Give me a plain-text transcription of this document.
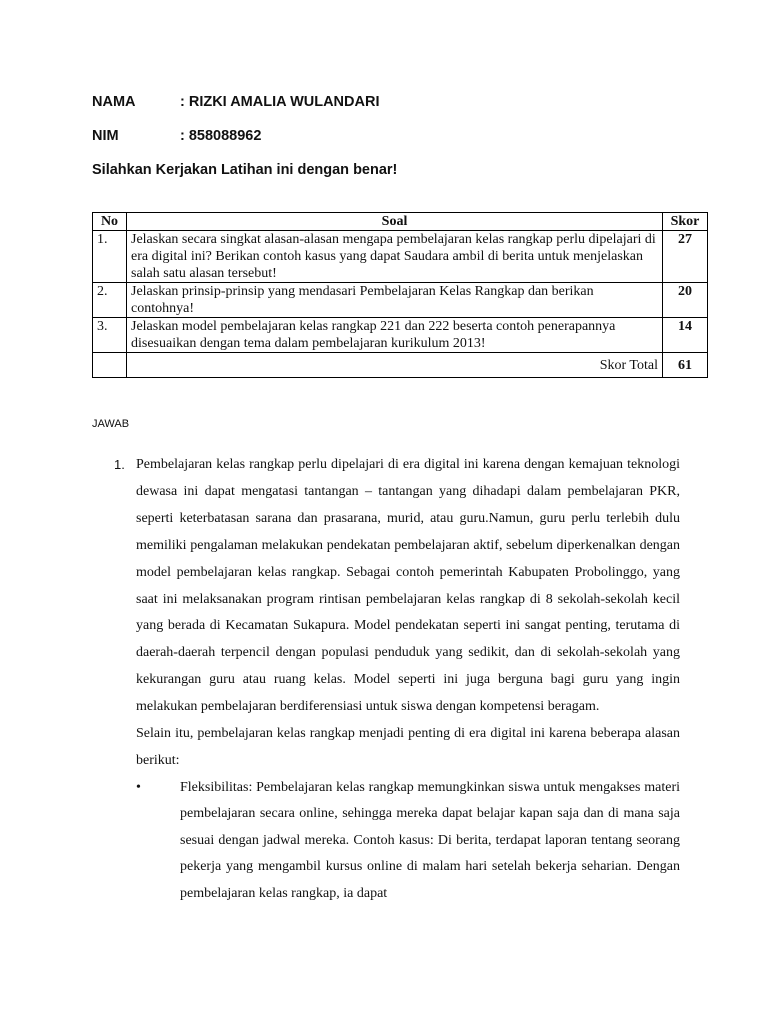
NAMA	: RIZKI AMALIA WULANDARI
NIM	: 858088962
Silahkan Kerjakan Latihan ini dengan benar!
No	Soal	Skor
1.	Jelaskan secara singkat alasan-alasan mengapa pembelajaran kelas rangkap perlu dipelajari di era digital ini? Berikan contoh kasus yang dapat Saudara ambil di berita untuk menjelaskan salah satu alasan tersebut!	27
2.	Jelaskan prinsip-prinsip yang mendasari Pembelajaran Kelas Rangkap dan berikan contohnya!	20
3.	Jelaskan model pembelajaran kelas rangkap 221 dan 222 beserta contoh penerapannya disesuaikan dengan tema dalam pembelajaran kurikulum 2013!	14
	Skor Total	61
JAWAB
1. Pembelajaran kelas rangkap perlu dipelajari di era digital ini karena dengan kemajuan teknologi dewasa ini dapat mengatasi tantangan – tantangan yang dihadapi dalam pembelajaran PKR, seperti keterbatasan sarana dan prasarana, murid, atau guru.Namun, guru perlu terlebih dulu memiliki pengalaman melakukan pendekatan pembelajaran aktif, sebelum diperkenalkan dengan model pembelajaran kelas rangkap. Sebagai contoh pemerintah Kabupaten Probolinggo, yang saat ini melaksanakan program rintisan pembelajaran kelas rangkap di 8 sekolah-sekolah kecil yang berada di Kecamatan Sukapura. Model pendekatan seperti ini sangat penting, terutama di daerah-daerah terpencil dengan populasi penduduk yang sedikit, dan di sekolah-sekolah yang kekurangan guru atau ruang kelas. Model seperti ini juga berguna bagi guru yang ingin melakukan pembelajaran berdiferensiasi untuk siswa dengan kompetensi beragam.

Selain itu, pembelajaran kelas rangkap menjadi penting di era digital ini karena beberapa alasan berikut:

•	Fleksibilitas: Pembelajaran kelas rangkap memungkinkan siswa untuk mengakses materi pembelajaran secara online, sehingga mereka dapat belajar kapan saja dan di mana saja sesuai dengan jadwal mereka. Contoh kasus: Di berita, terdapat laporan tentang seorang pekerja yang mengambil kursus online di malam hari setelah bekerja seharian. Dengan pembelajaran kelas rangkap, ia dapat
